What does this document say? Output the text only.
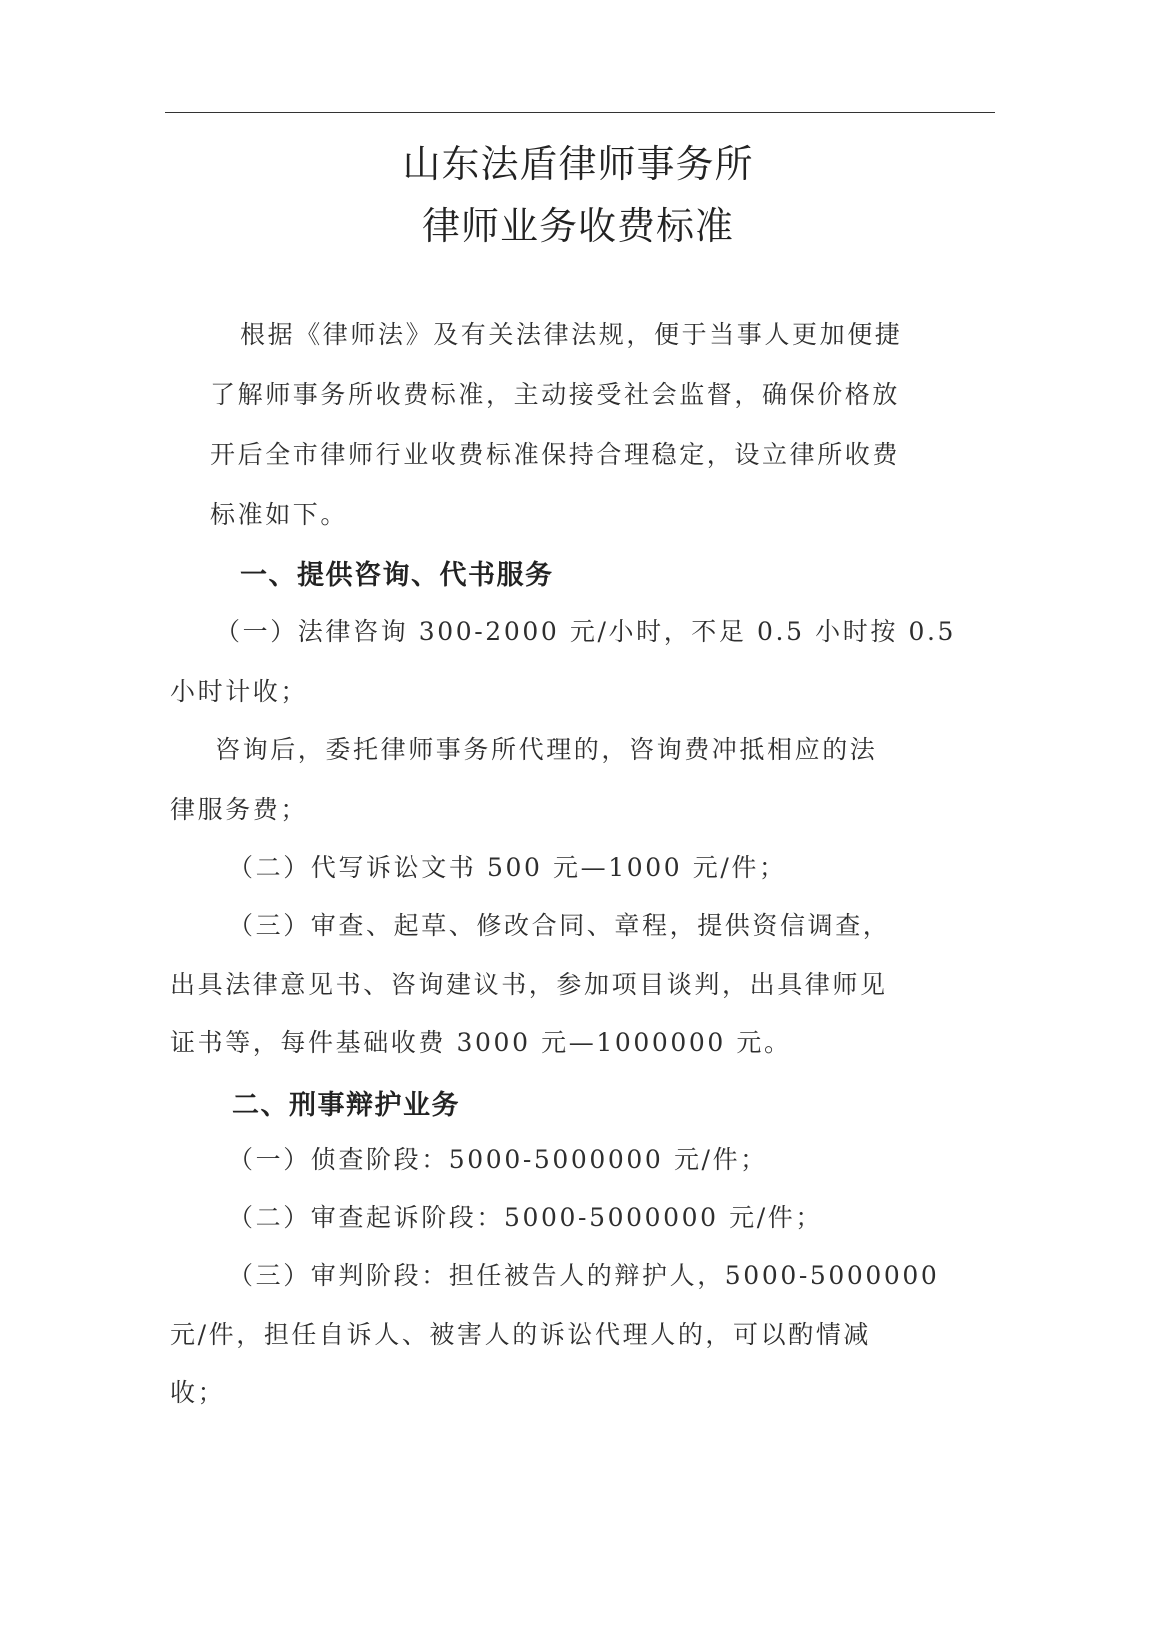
山东法盾律师事务所
律师业务收费标准
根据《律师法》及有关法律法规，便于当事人更加便捷
了解师事务所收费标准，主动接受社会监督，确保价格放
开后全市律师行业收费标准保持合理稳定，设立律所收费
标准如下。
一、提供咨询、代书服务
（一）法律咨询 300-2000 元/小时，不足 0.5 小时按 0.5
小时计收；
咨询后，委托律师事务所代理的，咨询费冲抵相应的法
律服务费；
（二）代写诉讼文书 500 元—1000 元/件；
（三）审查、起草、修改合同、章程，提供资信调查，
出具法律意见书、咨询建议书，参加项目谈判，出具律师见
证书等，每件基础收费 3000 元—1000000 元。
二、刑事辩护业务
（一）侦查阶段：5000-5000000 元/件；
（二）审查起诉阶段：5000-5000000 元/件；
（三）审判阶段：担任被告人的辩护人，5000-5000000
元/件，担任自诉人、被害人的诉讼代理人的，可以酌情减
收；
